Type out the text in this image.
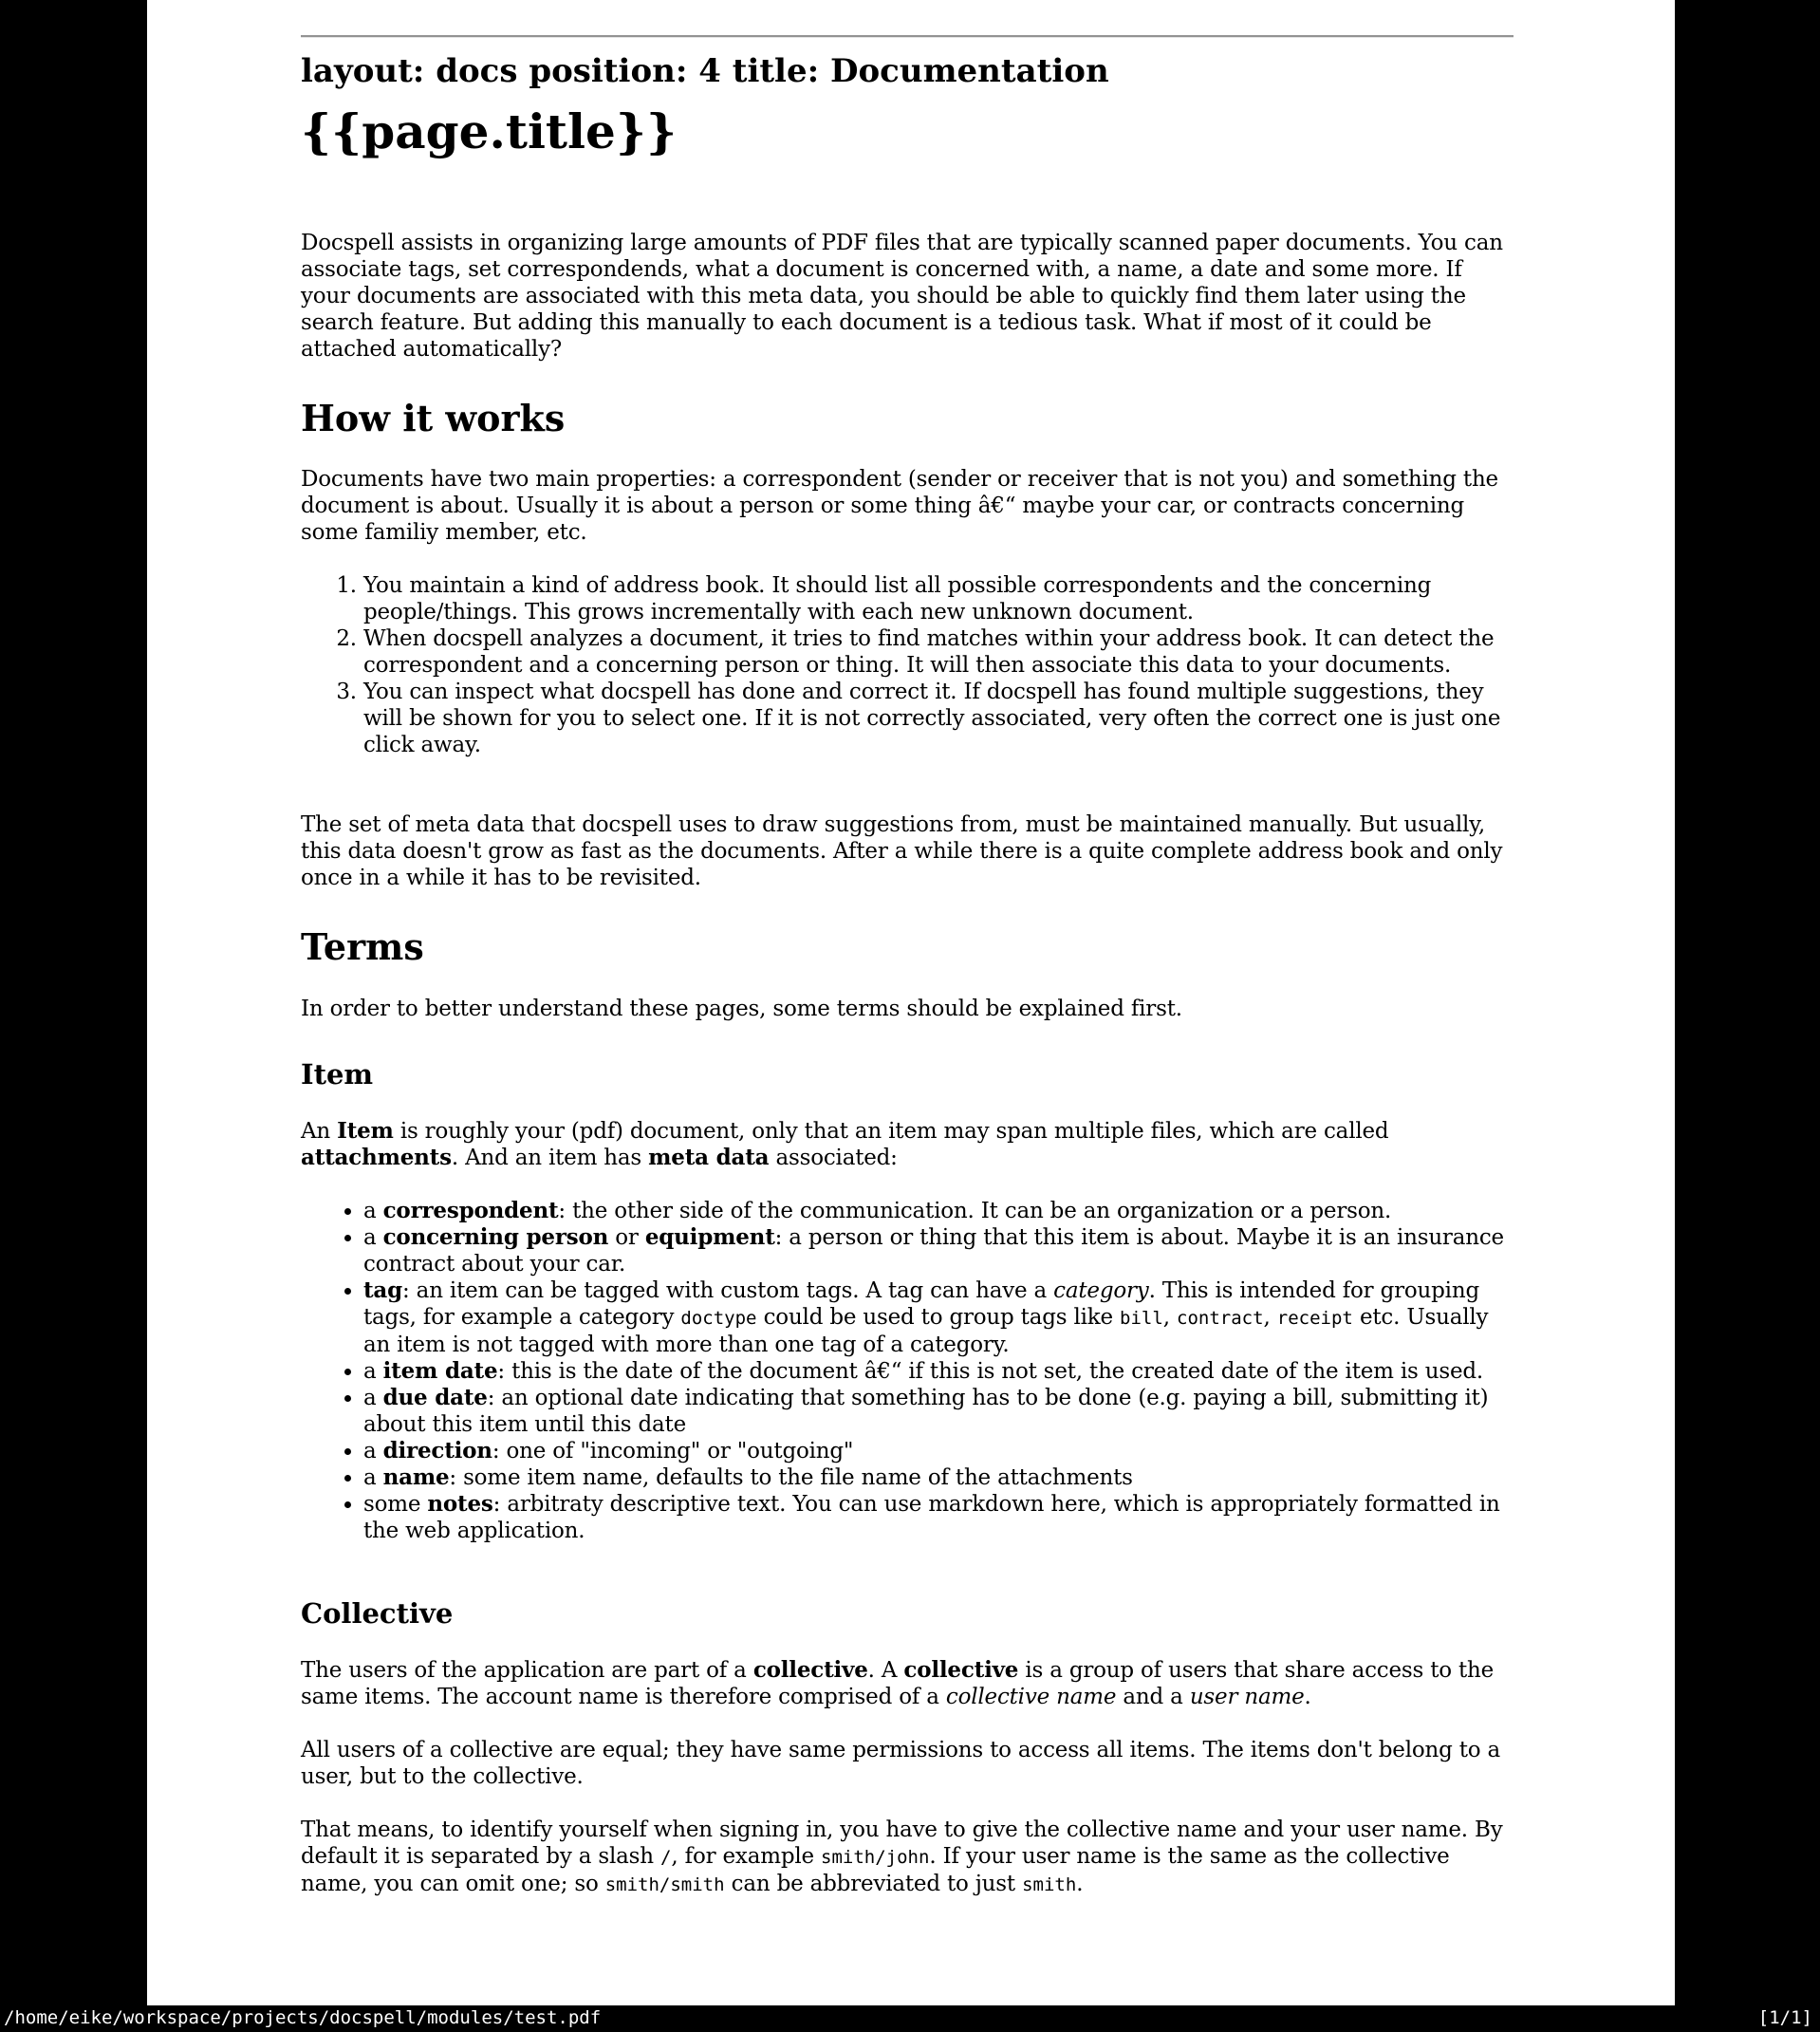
layout: docs position: 4 title: Documentation
{{page.title}}

Docspell assists in organizing large amounts of PDF files that are typically scanned paper documents. You can associate tags, set correspondends, what a document is concerned with, a name, a date and some more. If your documents are associated with this meta data, you should be able to quickly find them later using the search feature. But adding this manually to each document is a tedious task. What if most of it could be attached automatically?

How it works

Documents have two main properties: a correspondent (sender or receiver that is not you) and something the document is about. Usually it is about a person or some thing â€“ maybe your car, or contracts concerning some familiy member, etc.

1. You maintain a kind of address book. It should list all possible correspondents and the concerning people/things. This grows incrementally with each new unknown document.
2. When docspell analyzes a document, it tries to find matches within your address book. It can detect the correspondent and a concerning person or thing. It will then associate this data to your documents.
3. You can inspect what docspell has done and correct it. If docspell has found multiple suggestions, they will be shown for you to select one. If it is not correctly associated, very often the correct one is just one click away.

The set of meta data that docspell uses to draw suggestions from, must be maintained manually. But usually, this data doesn't grow as fast as the documents. After a while there is a quite complete address book and only once in a while it has to be revisited.

Terms

In order to better understand these pages, some terms should be explained first.

Item

An Item is roughly your (pdf) document, only that an item may span multiple files, which are called attachments. And an item has meta data associated:

• a correspondent: the other side of the communication. It can be an organization or a person.
• a concerning person or equipment: a person or thing that this item is about. Maybe it is an insurance contract about your car.
• tag: an item can be tagged with custom tags. A tag can have a category. This is intended for grouping tags, for example a category doctype could be used to group tags like bill, contract, receipt etc. Usually an item is not tagged with more than one tag of a category.
• a item date: this is the date of the document â€“ if this is not set, the created date of the item is used.
• a due date: an optional date indicating that something has to be done (e.g. paying a bill, submitting it) about this item until this date
• a direction: one of "incoming" or "outgoing"
• a name: some item name, defaults to the file name of the attachments
• some notes: arbitraty descriptive text. You can use markdown here, which is appropriately formatted in the web application.
Collective

The users of the application are part of a collective. A collective is a group of users that share access to the same items. The account name is therefore comprised of a collective name and a user name.

All users of a collective are equal; they have same permissions to access all items. The items don't belong to a user, but to the collective.

That means, to identify yourself when signing in, you have to give the collective name and your user name. By default it is separated by a slash /, for example smith/john. If your user name is the same as the collective name, you can omit one; so smith/smith can be abbreviated to just smith.

/home/eike/workspace/projects/docspell/modules/test.pdf	[1/1]
